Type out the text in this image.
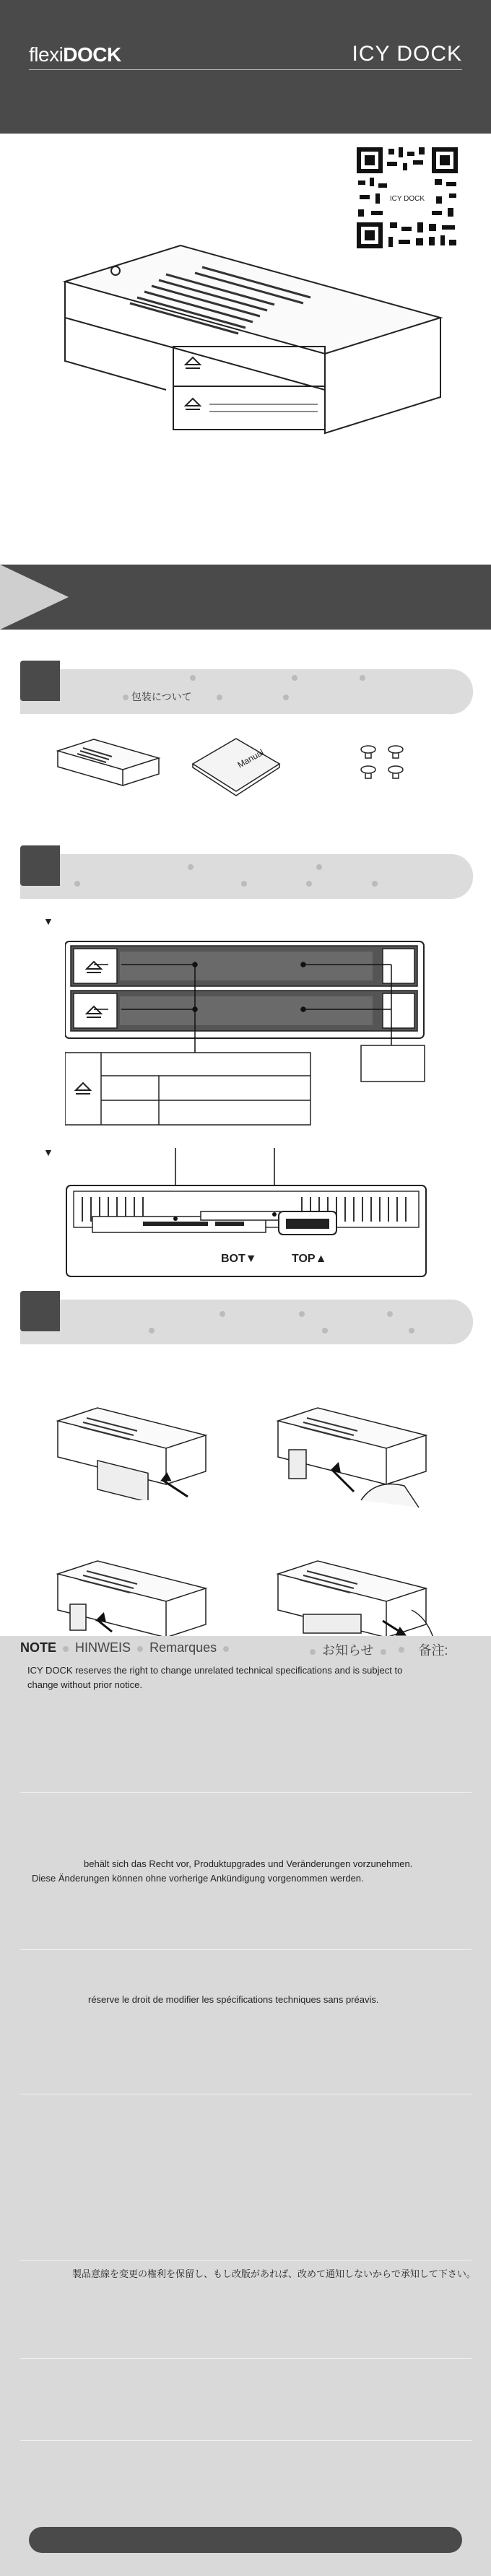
flexiDOCK	ICY DOCK
ICY DOCK
包装について
Manual
▼
▼
BOT▼	TOP▲
NOTE HINWEIS Remarques	お知らせ	备注:
ICY DOCK reserves the right to change unrelated technical specifications and is subject to
change without prior notice.
behält sich das Recht vor, Produktupgrades und Veränderungen vorzunehmen.
Diese Änderungen können ohne vorherige Ankündigung vorgenommen werden.
réserve le droit de modifier les spécifications techniques sans préavis.
製品意線を変更の権利を保留し、もし改版があれば、改めて通知しないからで承知して下さい。
